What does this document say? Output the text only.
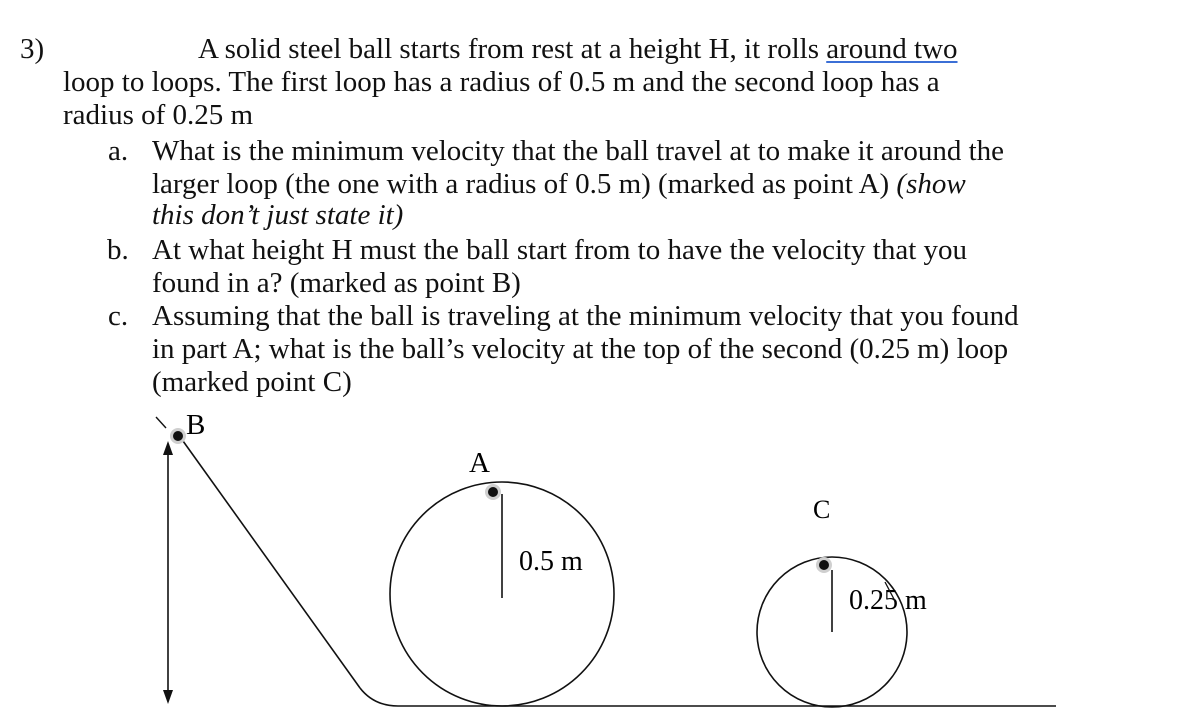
3)	A solid steel ball starts from rest at a height H, it rolls around two
loop to loops. The first loop has a radius of 0.5 m and the second loop has a
radius of 0.25 m
a. What is the minimum velocity that the ball travel at to make it around the
larger loop (the one with a radius of 0.5 m) (marked as point A) (show
this don’t just state it)
b. At what height H must the ball start from to have the velocity that you
found in a? (marked as point B)
c. Assuming that the ball is traveling at the minimum velocity that you found
in part A; what is the ball’s velocity at the top of the second (0.25 m) loop
(marked point C)
B
A
C
0.5 m
0.25 m
